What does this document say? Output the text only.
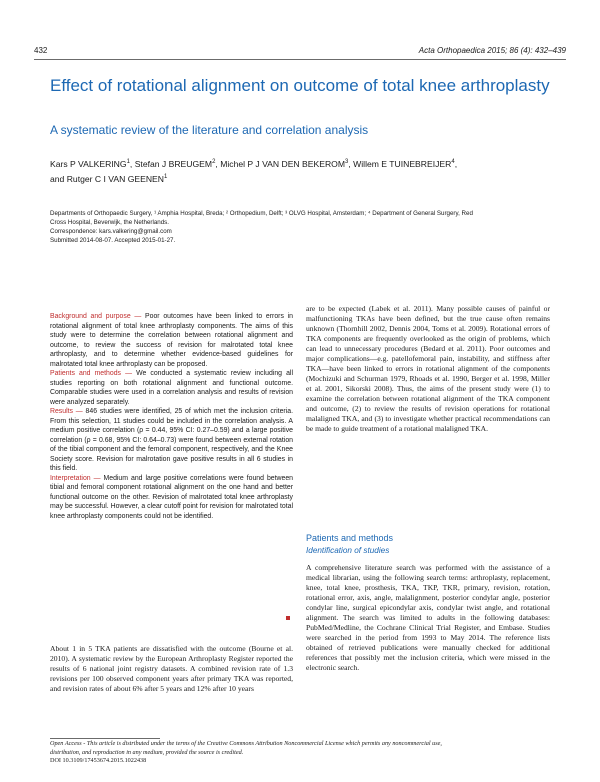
432	Acta Orthopaedica 2015; 86 (4): 432–439
Effect of rotational alignment on outcome of total knee arthroplasty
A systematic review of the literature and correlation analysis
Kars P VALKERING$^1$, Stefan J BREUGEM$^2$, Michel P J VAN DEN BEKEROM$^3$, Willem E TUINEBREIJER$^4$,
and Rutger C I VAN GEENEN$^1$
Departments of Orthopaedic Surgery, ¹ Amphia Hospital, Breda; ² Orthopedium, Delft; ³ OLVG Hospital, Amsterdam; ⁴ Department of General Surgery, Red
Cross Hospital, Beverwijk, the Netherlands.
Correspondence: kars.valkering@gmail.com
Submitted 2014-08-07. Accepted 2015-01-27.

Background and purpose — Poor outcomes have been linked to errors in rotational alignment of total knee arthroplasty components. The aims of this study were to determine the correlation between rotational alignment and outcome, to review the success of revision for malrotated total knee arthroplasty, and to determine whether evidence-based guidelines for malrotated total knee arthroplasty can be proposed.

Patients and methods — We conducted a systematic review including all studies reporting on both rotational alignment and functional outcome. Comparable studies were used in a correlation analysis and results of revision were analyzed separately.

Results — 846 studies were identified, 25 of which met the inclusion criteria. From this selection, 11 studies could be included in the correlation analysis. A medium positive correlation (ρ = 0.44, 95% CI: 0.27–0.59) and a large positive correlation (ρ = 0.68, 95% CI: 0.64–0.73) were found between external rotation of the tibial component and the femoral component, respectively, and the Knee Society score. Revision for malrotation gave positive results in all 6 studies in this field.

Interpretation — Medium and large positive correlations were found between tibial and femoral component rotational alignment on the one hand and better functional outcome on the other. Revision of malrotated total knee arthroplasty may be successful. However, a clear cutoff point for revision for malrotated total knee arthroplasty components could not be identified.

About 1 in 5 TKA patients are dissatisfied with the outcome (Bourne et al. 2010). A systematic review by the European Arthroplasty Register reported the results of 6 national joint registry datasets. A combined revision rate of 1.3 revisions per 100 observed component years after primary TKA was reported, and revision rates of about 6% after 5 years and 12% after 10 years

are to be expected (Labek et al. 2011). Many possible causes of painful or malfunctioning TKAs have been defined, but the true cause often remains unknown (Thornhill 2002, Dennis 2004, Toms et al. 2009). Rotational errors of TKA components are frequently overlooked as the origin of problems, which can lead to unnecessary procedures (Bedard et al. 2011). Poor outcomes and major complications—e.g. patellofemoral pain, instability, and stiffness after TKA—have been linked to errors in rotational alignment of the components (Mochizuki and Schurman 1979, Rhoads et al. 1990, Berger et al. 1998, Miller et al. 2001, Sikorski 2008). Thus, the aims of the present study were (1) to examine the correlation between rotational alignment of the TKA component and outcome, (2) to review the results of revision operations for rotational malaligned TKA, and (3) to investigate whether practical recommendations can be made to guide treatment of a rotational malaligned TKA.

Patients and methods
Identification of studies

A comprehensive literature search was performed with the assistance of a medical librarian, using the following search terms: arthroplasty, replacement, knee, total knee, prosthesis, TKA, TKP, TKR, primary, revision, rotation, rotational error, axis, angle, malalignment, posterior condylar angle, posterior condylar line, surgical epicondylar axis, condylar twist angle, and rotational alignment. The search was limited to adults in the following databases: PubMed/Medline, the Cochrane Clinical Trial Register, and Embase. Studies were searched in the period from 1993 to May 2014. The reference lists obtained of retrieved publications were manually checked for additional references that possibly met the inclusion criteria, which were missed in the electronic search.

Open Access - This article is distributed under the terms of the Creative Commons Attribution Noncommercial License which permits any noncommercial use,
distribution, and reproduction in any medium, provided the source is credited.
DOI 10.3109/17453674.2015.1022438
